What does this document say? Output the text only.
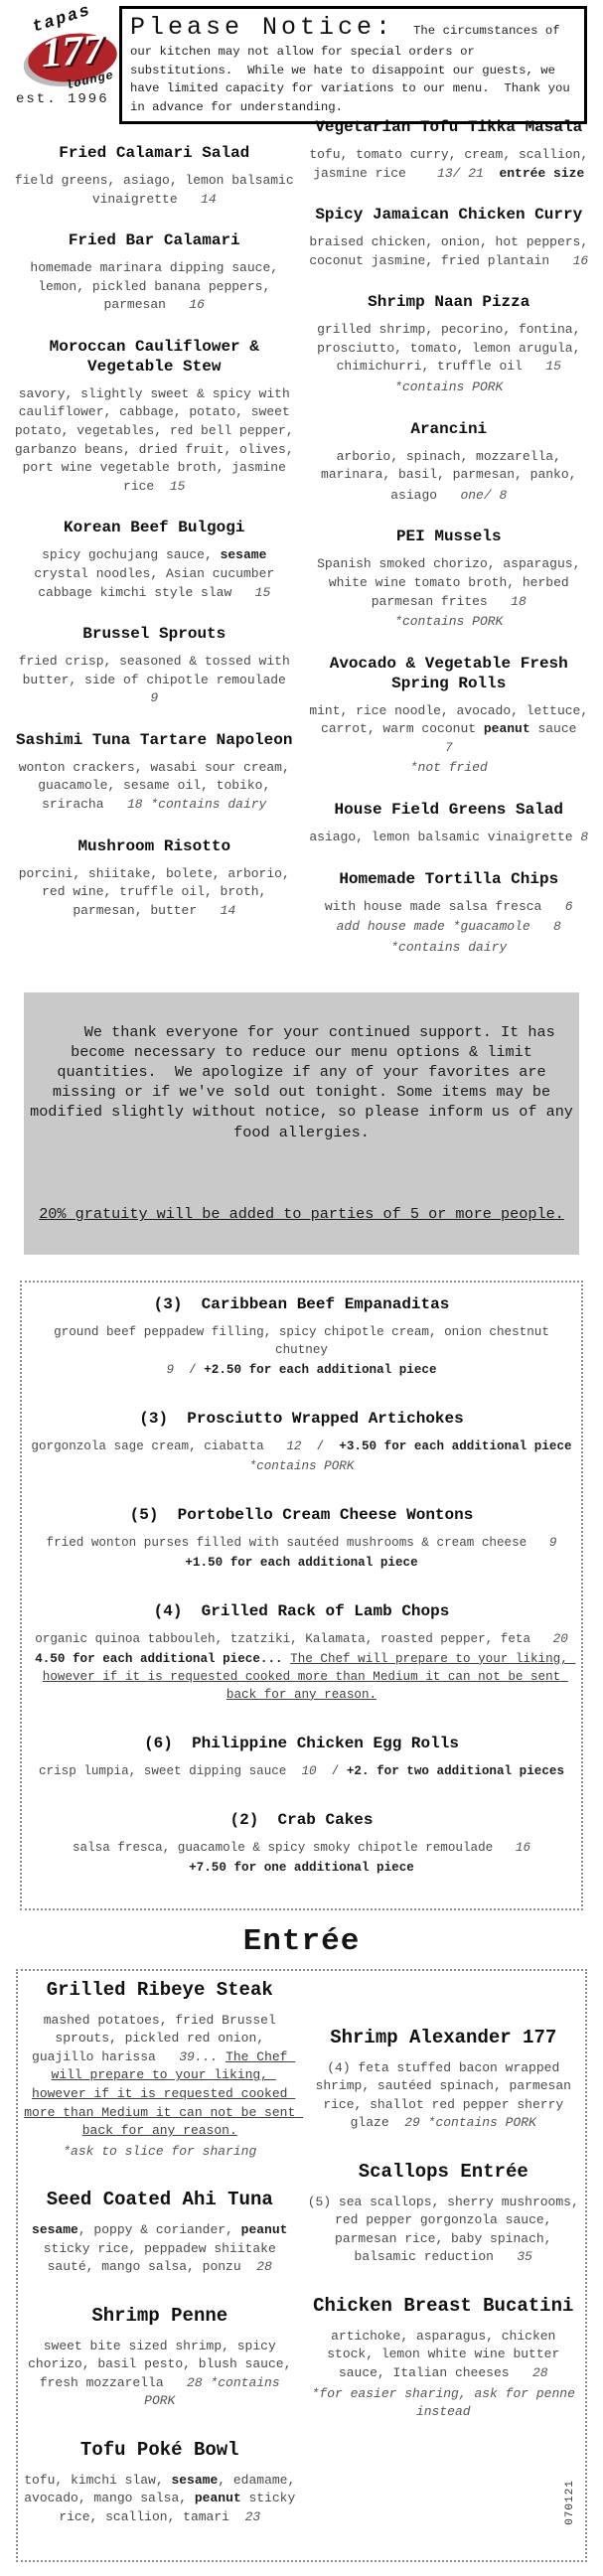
tapas
177
lounge
est. 1996
Please Notice: The circumstances of our kitchen may not allow for special orders or substitutions.  While we hate to disappoint our guests, we have limited capacity for variations to our menu.  Thank you in advance for understanding.
Fried Calamari Salad
field greens, asiago, lemon balsamic vinaigrette   14
Fried Bar Calamari
homemade marinara dipping sauce, lemon, pickled banana peppers, parmesan   16
Moroccan Cauliflower & Vegetable Stew
savory, slightly sweet & spicy with cauliflower, cabbage, potato, sweet potato, vegetables, red bell pepper, garbanzo beans, dried fruit, olives, port wine vegetable broth, jasmine rice  15
Korean Beef Bulgogi
spicy gochujang sauce, sesame crystal noodles, Asian cucumber cabbage kimchi style slaw   15
Brussel Sprouts
fried crisp, seasoned & tossed with butter, side of chipotle remoulade  9
Sashimi Tuna Tartare Napoleon
wonton crackers, wasabi sour cream, guacamole, sesame oil, tobiko, sriracha   18 *contains dairy
Mushroom Risotto
porcini, shiitake, bolete, arborio, red wine, truffle oil, broth, parmesan, butter   14
Vegetarian Tofu Tikka Masala
tofu, tomato curry, cream, scallion, jasmine rice    13/ 21 entrée size
Spicy Jamaican Chicken Curry
braised chicken, onion, hot peppers, coconut jasmine, fried plantain   16
Shrimp Naan Pizza
grilled shrimp, pecorino, fontina, prosciutto, tomato, lemon arugula, chimichurri, truffle oil   15
*contains PORK
Arancini
arborio, spinach, mozzarella, marinara, basil, parmesan, panko,
asiago   one/ 8
PEI Mussels
Spanish smoked chorizo, asparagus, white wine tomato broth, herbed parmesan frites   18
*contains PORK
Avocado & Vegetable Fresh Spring Rolls
mint, rice noodle, avocado, lettuce, carrot, warm coconut peanut sauce   7
*not fried
House Field Greens Salad
asiago, lemon balsamic vinaigrette 8
Homemade Tortilla Chips
with house made salsa fresca   6
add house made *guacamole   8
*contains dairy

We thank everyone for your continued support. It has become necessary to reduce our menu options & limit quantities.  We apologize if any of your favorites are missing or if we've sold out tonight. Some items may be modified slightly without notice, so please inform us of any food allergies.

20% gratuity will be added to parties of 5 or more people.

(3)  Caribbean Beef Empanaditas
ground beef peppadew filling, spicy chipotle cream, onion chestnut chutney
9  / +2.50 for each additional piece
(3)  Prosciutto Wrapped Artichokes
gorgonzola sage cream, ciabatta   12  /  +3.50 for each additional piece
*contains PORK
(5)  Portobello Cream Cheese Wontons
fried wonton purses filled with sautéed mushrooms & cream cheese   9
+1.50 for each additional piece
(4)  Grilled Rack of Lamb Chops
organic quinoa tabbouleh, tzatziki, Kalamata, roasted pepper, feta   20
4.50 for each additional piece... The Chef will prepare to your liking, however if it is requested cooked more than Medium it can not be sent back for any reason.
(6)  Philippine Chicken Egg Rolls
crisp lumpia, sweet dipping sauce  10  / +2. for two additional pieces
(2)  Crab Cakes
salsa fresca, guacamole & spicy smoky chipotle remoulade   16
+7.50 for one additional piece
Entrée
Grilled Ribeye Steak
mashed potatoes, fried Brussel sprouts, pickled red onion, guajillo harissa   39... The Chef will prepare to your liking, however if it is requested cooked more than Medium it can not be sent back for any reason.
*ask to slice for sharing
Seed Coated Ahi Tuna
sesame, poppy & coriander, peanut sticky rice, peppadew shiitake sauté, mango salsa, ponzu  28
Shrimp Penne
sweet bite sized shrimp, spicy chorizo, basil pesto, blush sauce, fresh mozzarella   28 *contains PORK
Tofu Poké Bowl
tofu, kimchi slaw, sesame, edamame, avocado, mango salsa, peanut sticky rice, scallion, tamari  23
Shrimp Alexander 177
(4) feta stuffed bacon wrapped shrimp, sautéed spinach, parmesan rice, shallot red pepper sherry glaze  29 *contains PORK
Scallops Entrée
(5) sea scallops, sherry mushrooms, red pepper gorgonzola sauce, parmesan rice, baby spinach, balsamic reduction   35
Chicken Breast Bucatini
artichoke, asparagus, chicken stock, lemon white wine butter sauce, Italian cheeses   28
*for easier sharing, ask for penne instead
070121
